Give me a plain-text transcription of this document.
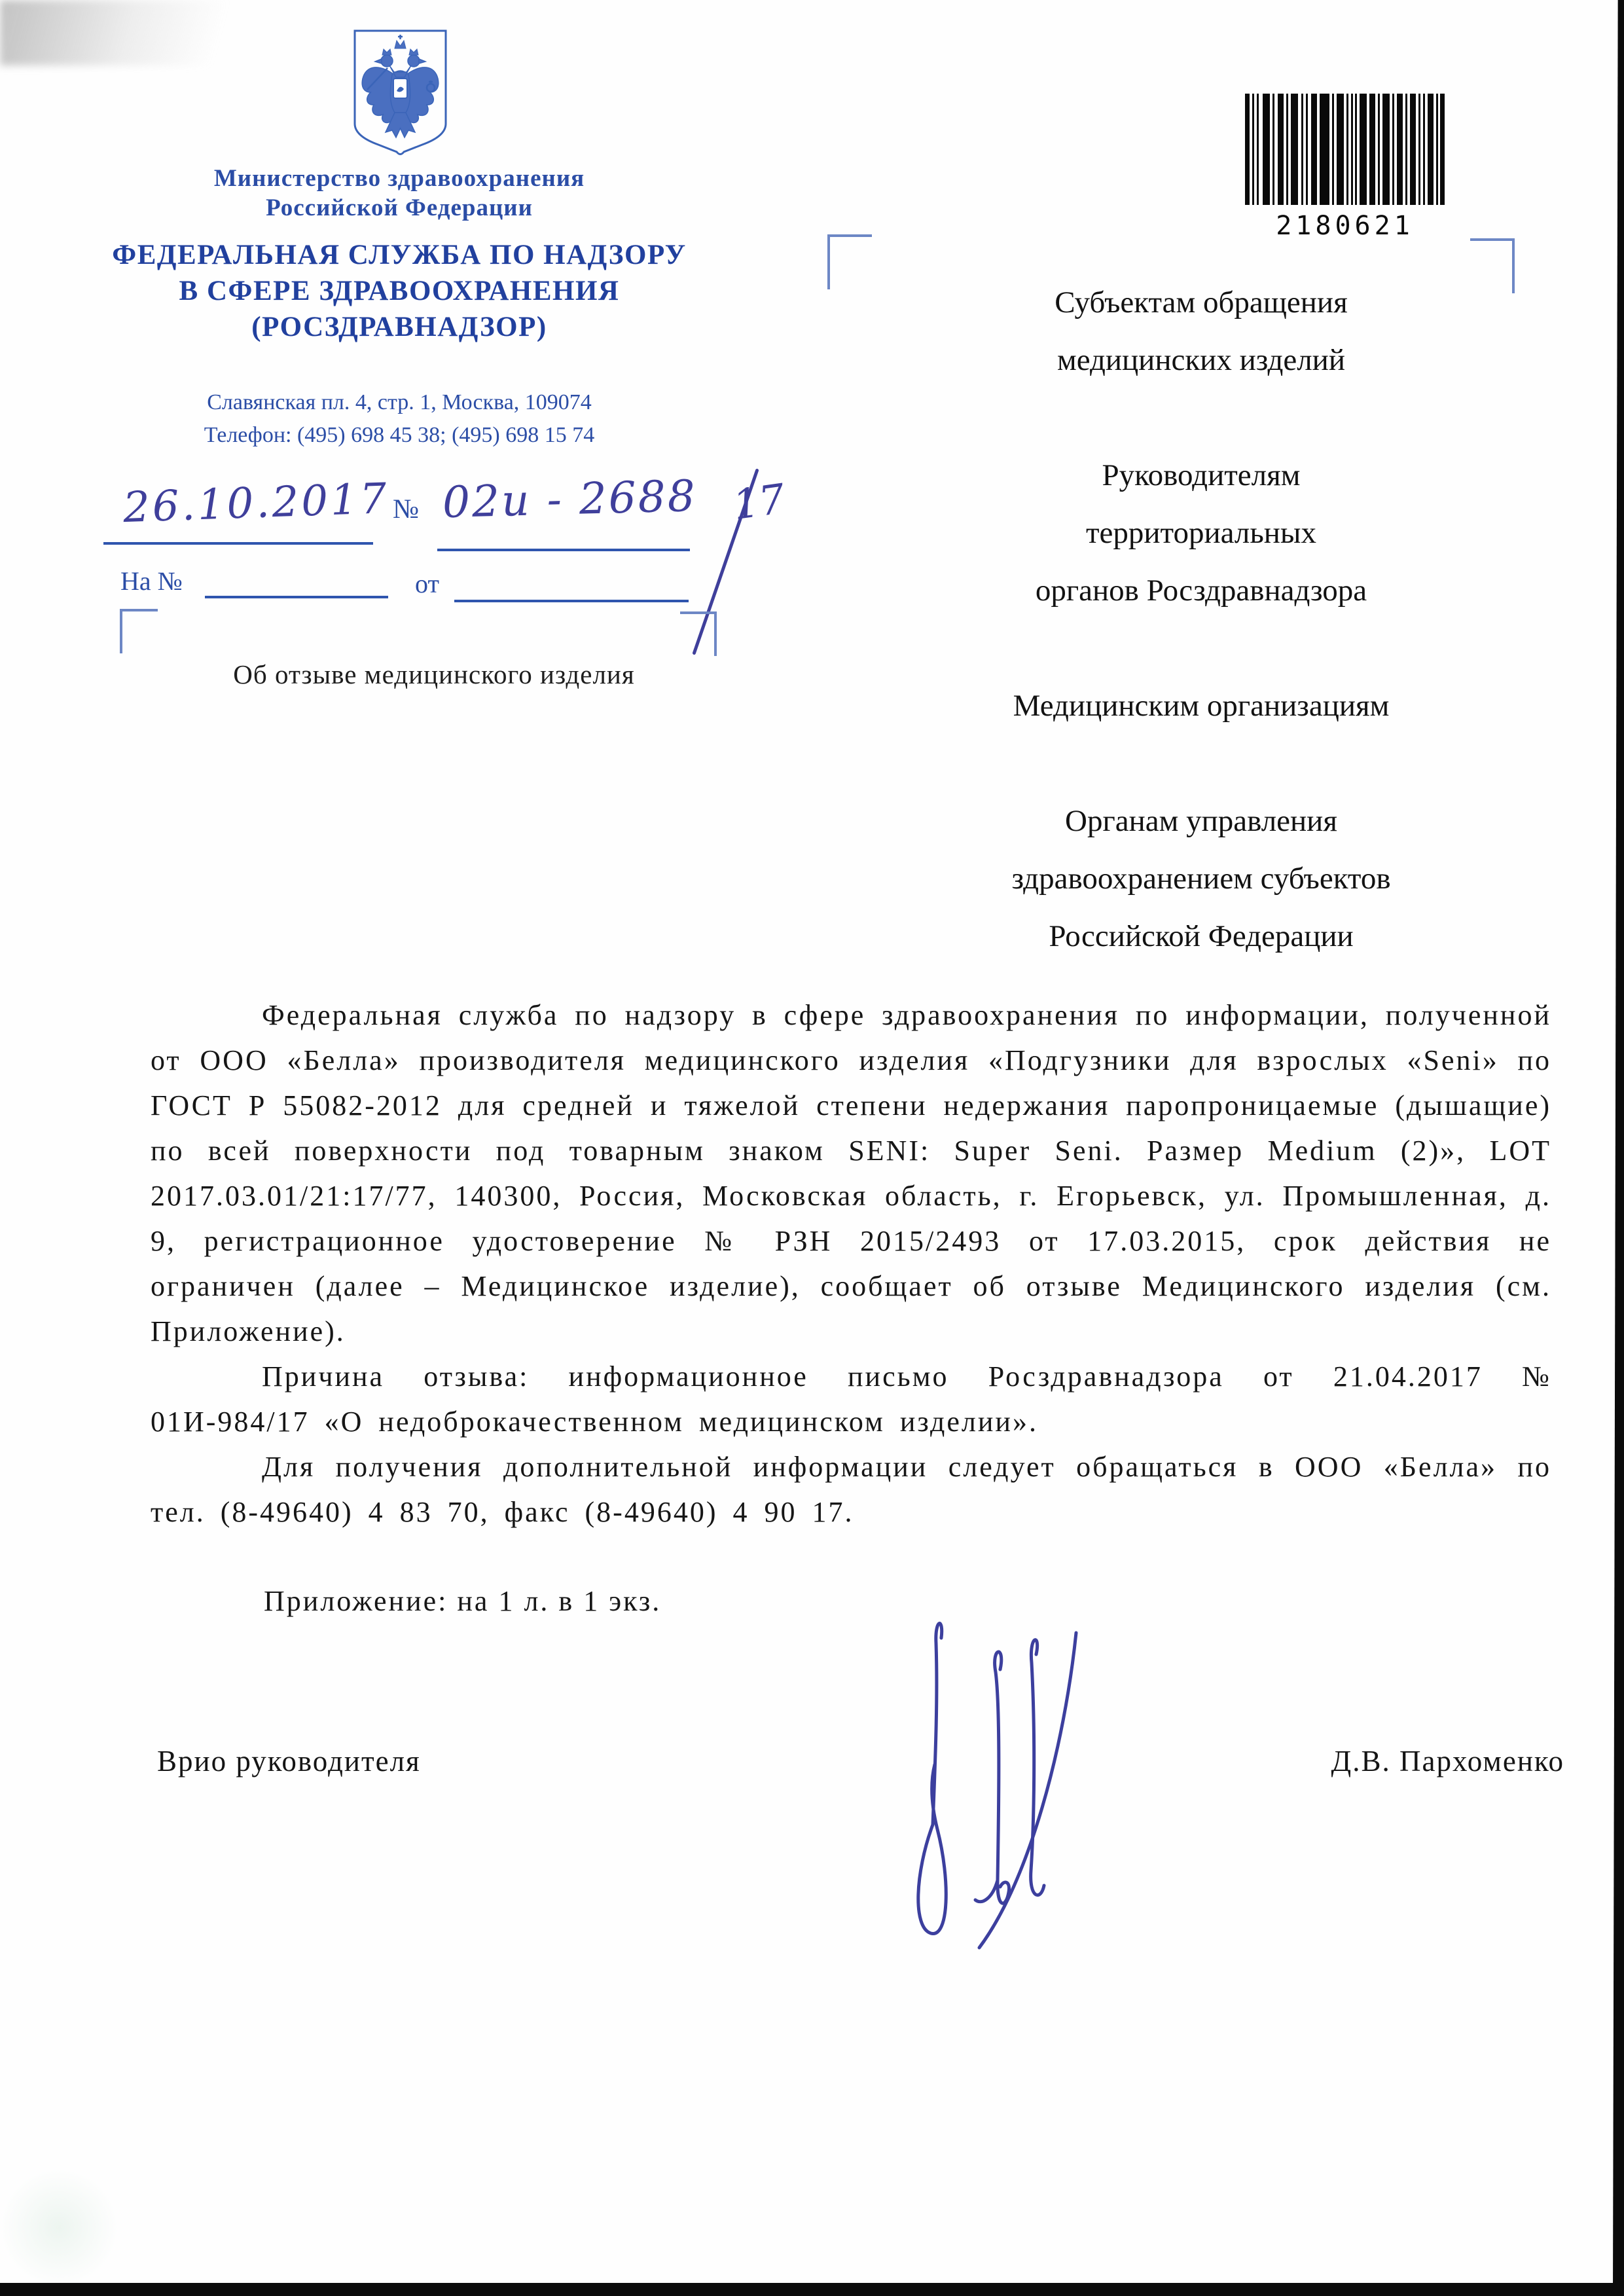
Министерство здравоохранения
Российской Федерации
ФЕДЕРАЛЬНАЯ СЛУЖБА ПО НАДЗОРУ
В СФЕРЕ ЗДРАВООХРАНЕНИЯ
(РОСЗДРАВНАДЗОР)
Славянская пл. 4, стр. 1, Москва, 109074
Телефон: (495) 698 45 38; (495) 698 15 74
2180621
26.10.2017 № 02и - 2688 17
На №	от
Об отзыве медицинского изделия
Субъектам обращения
медицинских изделий
Руководителям
территориальных
органов Росздравнадзора
Медицинским организациям
Органам управления
здравоохранением субъектов
Российской Федерации

Федеральная служба по надзору в сфере здравоохранения по информации, полученной от ООО «Белла» производителя медицинского изделия «Подгузники для взрослых «Seni» по ГОСТ Р 55082-2012 для средней и тяжелой степени недержания паропроницаемые (дышащие) по всей поверхности под товарным знаком SENI: Super Seni. Размер Medium (2)», LOT 2017.03.01/21:17/77, 140300, Россия, Московская область, г. Егорьевск, ул. Промышленная, д. 9, регистрационное удостоверение № РЗН 2015/2493 от 17.03.2015, срок действия не ограничен (далее – Медицинское изделие), сообщает об отзыве Медицинского изделия (см. Приложение).

Причина отзыва: информационное письмо Росздравнадзора от 21.04.2017 № 01И-984/17 «О недоброкачественном медицинском изделии».

Для получения дополнительной информации следует обращаться в ООО «Белла» по тел. (8-49640) 4 83 70, факс (8-49640) 4 90 17.

Приложение: на 1 л. в 1 экз.
Врио руководителя	Д.В. Пархоменко
